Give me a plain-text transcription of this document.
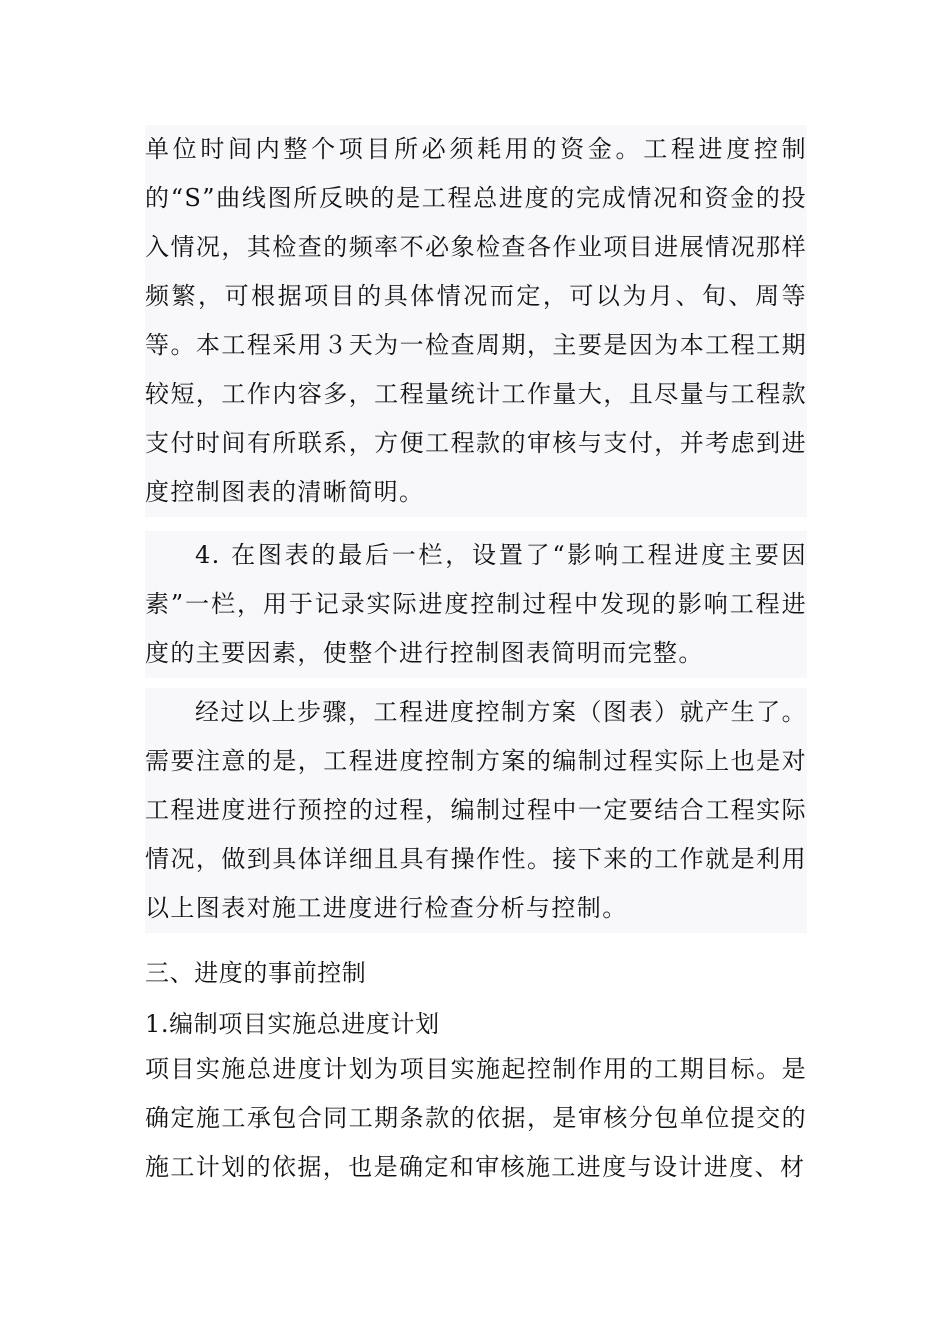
单位时间内整个项目所必须耗用的资金。工程进度控制的“S”曲线图所反映的是工程总进度的完成情况和资金的投入情况，其检查的频率不必象检查各作业项目进展情况那样频繁，可根据项目的具体情况而定，可以为月、旬、周等等。本工程采用３天为一检查周期，主要是因为本工程工期较短，工作内容多，工程量统计工作量大，且尽量与工程款支付时间有所联系，方便工程款的审核与支付，并考虑到进度控制图表的清晰简明。

4. 在图表的最后一栏，设置了“影响工程进度主要因素”一栏，用于记录实际进度控制过程中发现的影响工程进度的主要因素，使整个进行控制图表简明而完整。

经过以上步骤，工程进度控制方案（图表）就产生了。需要注意的是，工程进度控制方案的编制过程实际上也是对工程进度进行预控的过程，编制过程中一定要结合工程实际情况，做到具体详细且具有操作性。接下来的工作就是利用以上图表对施工进度进行检查分析与控制。

三、进度的事前控制

1.编制项目实施总进度计划

项目实施总进度计划为项目实施起控制作用的工期目标。是确定施工承包合同工期条款的依据，是审核分包单位提交的施工计划的依据，也是确定和审核施工进度与设计进度、材
